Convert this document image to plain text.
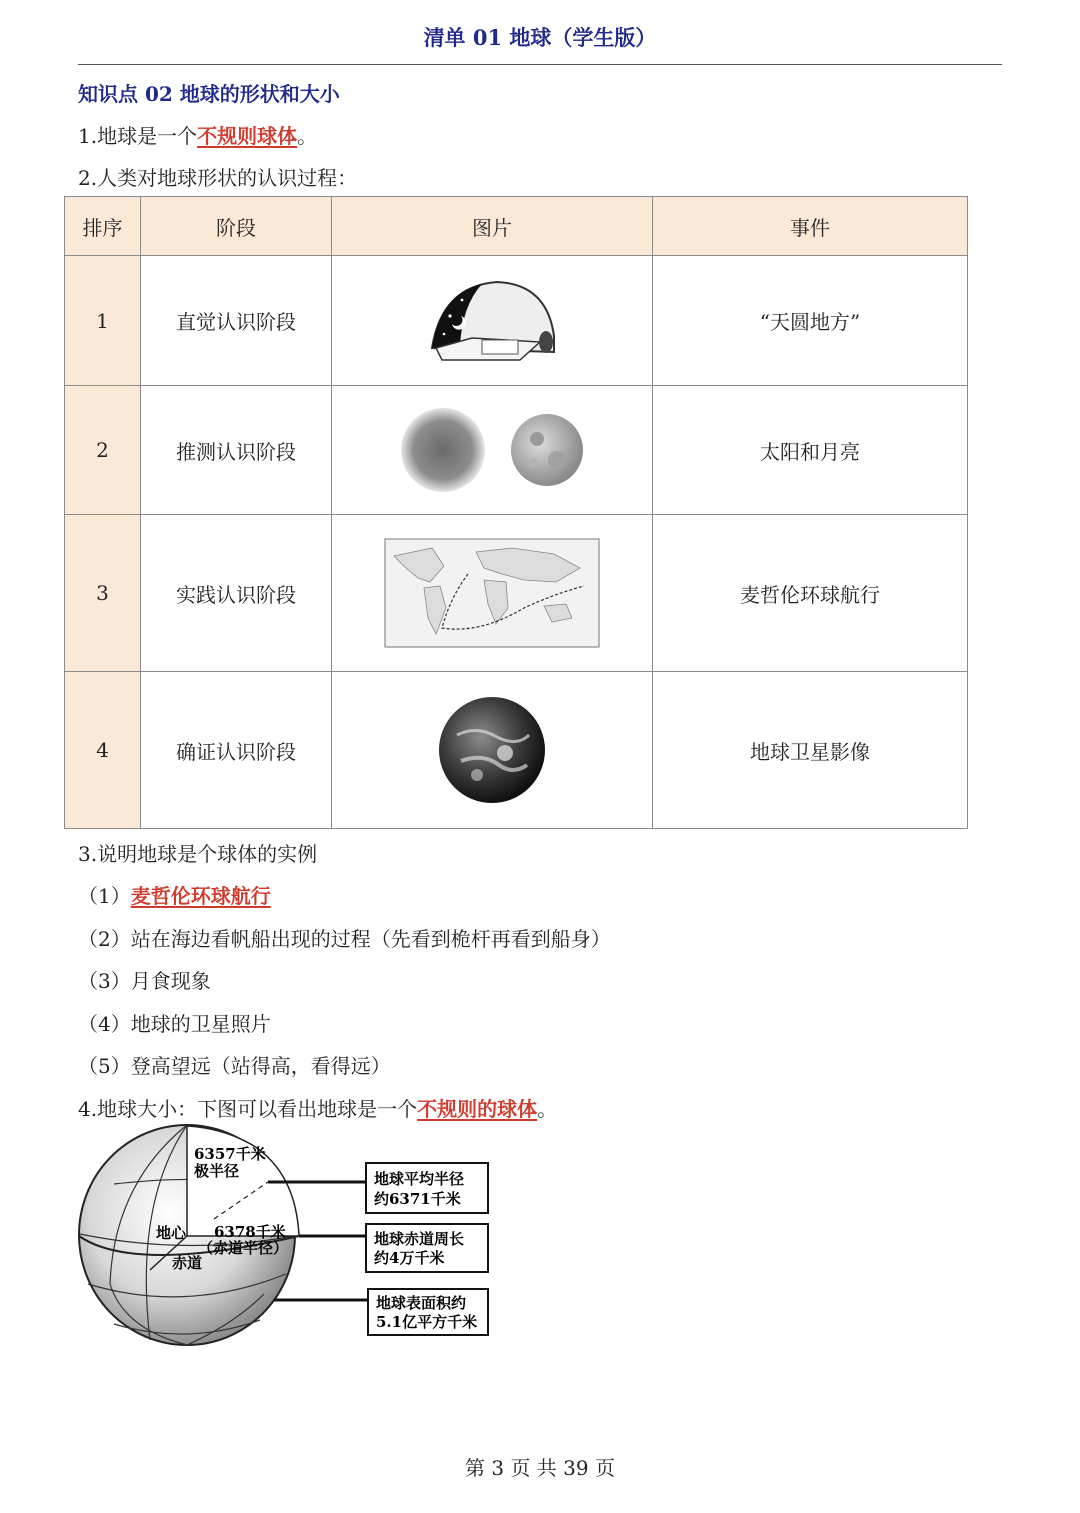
清单 01 地球（学生版）
知识点 02 地球的形状和大小
1.地球是一个不规则球体。
2.人类对地球形状的认识过程：
排序	阶段	图片	事件
1	直觉认识阶段		“天圆地方”
2	推测认识阶段		太阳和月亮
3	实践认识阶段		麦哲伦环球航行
4	确证认识阶段		地球卫星影像
3.说明地球是个球体的实例
（1）麦哲伦环球航行
（2）站在海边看帆船出现的过程（先看到桅杆再看到船身）
（3）月食现象
（4）地球的卫星照片
（5）登高望远（站得高，看得远）
4.地球大小：下图可以看出地球是一个不规则的球体。
6357千米
极半径
地心 6378千米
（赤道半径）
赤道
地球平均半径
约6371千米
地球赤道周长
约4万千米
地球表面积约
5.1亿平方千米
第 3 页 共 39 页
